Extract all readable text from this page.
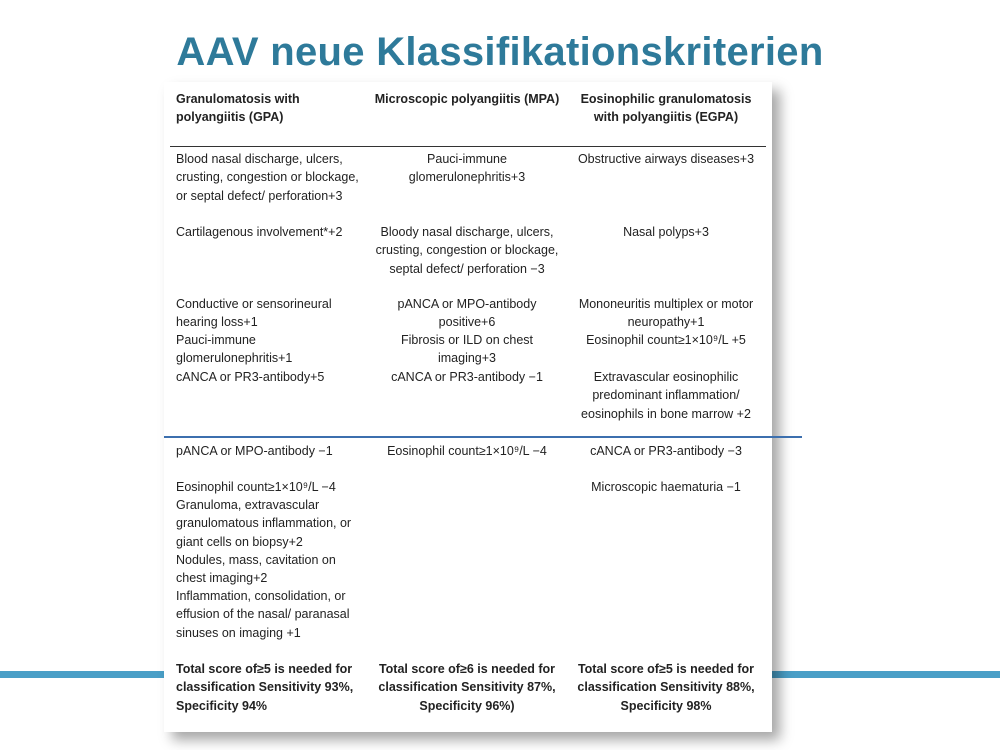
AAV neue Klassifikationskriterien
Granulomatosis with polyangiitis (GPA)
Microscopic polyangiitis (MPA)	Eosinophilic granulomatosis with polyangiitis (EGPA)
Blood nasal discharge, ulcers, crusting, congestion or blockage, or septal defect/ perforation+3
Cartilagenous involvement*+2
Conductive or sensorineural hearing loss+1
Pauci-immune glomerulonephritis+1
cANCA or PR3-antibody+5
Pauci-immune glomerulonephritis+3
Bloody nasal discharge, ulcers, crusting, congestion or blockage, septal defect/ perforation −3
pANCA or MPO-antibody positive+6
Fibrosis or ILD on chest imaging+3
cANCA or PR3-antibody −1
Obstructive airways diseases+3
Nasal polyps+3
Mononeuritis multiplex or motor neuropathy+1
Eosinophil count≥1×10⁹/L +5
Extravascular eosinophilic predominant inflammation/ eosinophils in bone marrow +2
pANCA or MPO-antibody −1
Eosinophil count≥1×10⁹/L −4
Granuloma, extravascular granulomatous inflammation, or giant cells on biopsy+2
Nodules, mass, cavitation on chest imaging+2
Inflammation, consolidation, or effusion of the nasal/ paranasal sinuses on imaging +1
Eosinophil count≥1×10⁹/L −4	cANCA or PR3-antibody −3
Microscopic haematuria −1
Total score of≥5 is needed for classification Sensitivity 93%, Specificity 94%
Total score of≥6 is needed for classification Sensitivity 87%, Specificity 96%)
Total score of≥5 is needed for classification Sensitivity 88%, Specificity 98%
